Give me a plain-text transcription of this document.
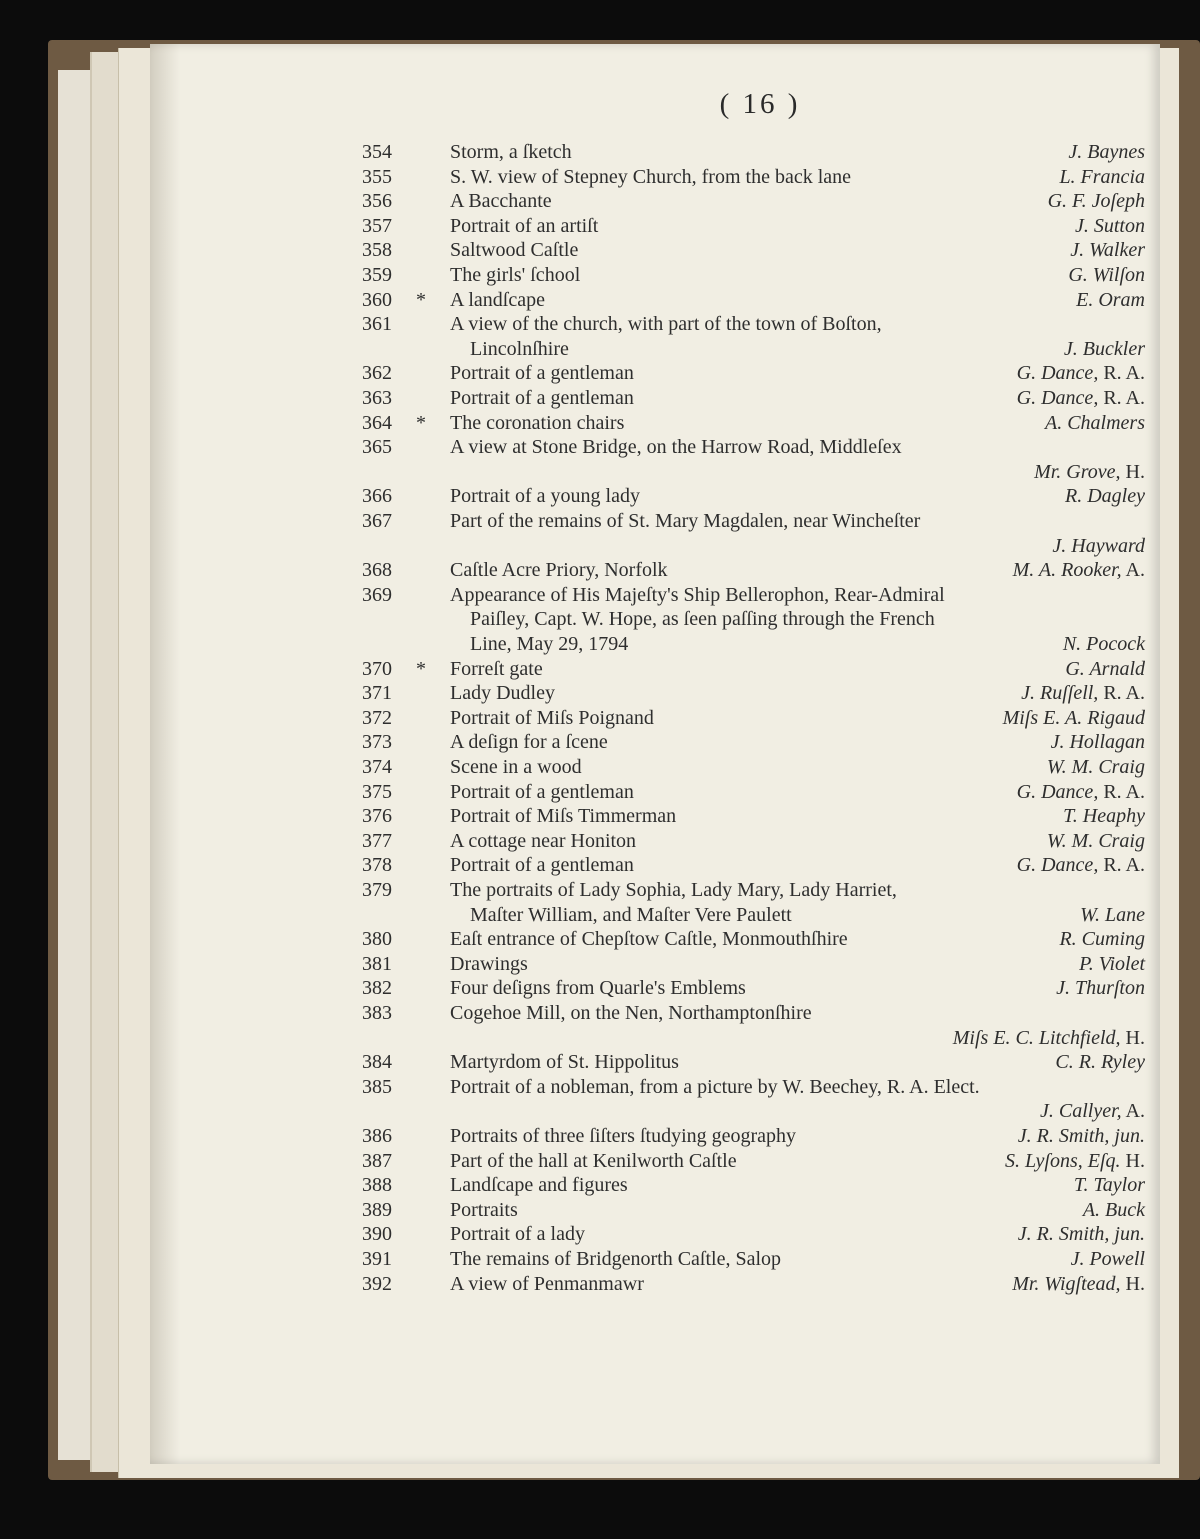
( 16 )
354	Storm, a ſketch	J. Baynes
355	S. W. view of Stepney Church, from the back lane	L. Francia
356	A Bacchante	G. F. Joſeph
357	Portrait of an artiſt	J. Sutton
358	Saltwood Caſtle	J. Walker
359	The girls' ſchool	G. Wilſon
360	*	A landſcape	E. Oram
361	A view of the church, with part of the town of Boſton,
Lincolnſhire	J. Buckler
362	Portrait of a gentleman	G. Dance, R. A.
363	Portrait of a gentleman	G. Dance, R. A.
364	*	The coronation chairs	A. Chalmers
365	A view at Stone Bridge, on the Harrow Road, Middleſex
Mr. Grove, H.
366	Portrait of a young lady	R. Dagley
367	Part of the remains of St. Mary Magdalen, near Wincheſter
J. Hayward
368	Caſtle Acre Priory, Norfolk	M. A. Rooker, A.
369	Appearance of His Majeſty's Ship Bellerophon, Rear-Admiral
Paiſley, Capt. W. Hope, as ſeen paſſing through the French
Line, May 29, 1794	N. Pocock
370	*	Forreſt gate	G. Arnald
371	Lady Dudley	J. Ruſſell, R. A.
372	Portrait of Miſs Poignand	Miſs E. A. Rigaud
373	A deſign for a ſcene	J. Hollagan
374	Scene in a wood	W. M. Craig
375	Portrait of a gentleman	G. Dance, R. A.
376	Portrait of Miſs Timmerman	T. Heaphy
377	A cottage near Honiton	W. M. Craig
378	Portrait of a gentleman	G. Dance, R. A.
379	The portraits of Lady Sophia, Lady Mary, Lady Harriet,
Maſter William, and Maſter Vere Paulett	W. Lane
380	Eaſt entrance of Chepſtow Caſtle, Monmouthſhire	R. Cuming
381	Drawings	P. Violet
382	Four deſigns from Quarle's Emblems	J. Thurſton
383	Cogehoe Mill, on the Nen, Northamptonſhire
Miſs E. C. Litchfield, H.
384	Martyrdom of St. Hippolitus	C. R. Ryley
385	Portrait of a nobleman, from a picture by W. Beechey, R. A. Elect.
J. Callyer, A.
386	Portraits of three ſiſters ſtudying geography	J. R. Smith, jun.
387	Part of the hall at Kenilworth Caſtle	S. Lyſons, Eſq. H.
388	Landſcape and figures	T. Taylor
389	Portraits	A. Buck
390	Portrait of a lady	J. R. Smith, jun.
391	The remains of Bridgenorth Caſtle, Salop	J. Powell
392	A view of Penmanmawr	Mr. Wigſtead, H.
